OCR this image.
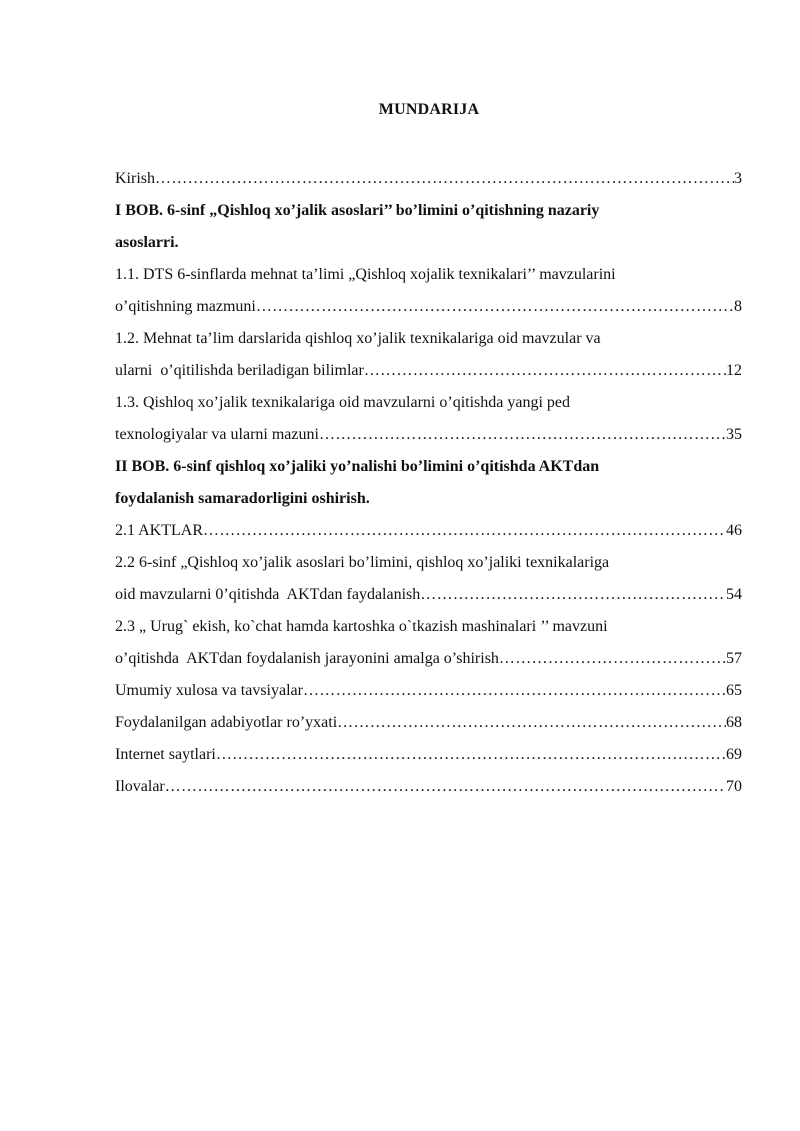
MUNDARIJA
Kirish ……………………………………………………………………………………………………………………………………………………………	3
I BOB. 6-sinf „Qishloq xo’jalik asoslari’’ bo’limini o’qitishning nazariy
asoslarri.
1.1. DTS 6-sinflarda mehnat ta’limi „Qishloq xojalik texnikalari’’ mavzularini
o’qitishning mazmuni ……………………………………………………………………………………………………………………………………………………………	8
1.2. Mehnat ta’lim darslarida qishloq xo’jalik texnikalariga oid mavzular va
ularni  o’qitilishda beriladigan bilimlar ……………………………………………………………………………………………………………………………………………………………	12
1.3. Qishloq xo’jalik texnikalariga oid mavzularni o’qitishda yangi ped
texnologiyalar va ularni mazuni ……………………………………………………………………………………………………………………………………………………………	35
II BOB. 6-sinf qishloq xo’jaliki yo’nalishi bo’limini o’qitishda AKTdan
foydalanish samaradorligini oshirish.
2.1 AKTLAR ……………………………………………………………………………………………………………………………………………………………	46
2.2 6-sinf „Qishloq xo’jalik asoslari bo’limini, qishloq xo’jaliki texnikalariga
oid mavzularni 0’qitishda  AKTdan faydalanish ……………………………………………………………………………………………………………………………………………………………	54
2.3 „ Urug` ekish, ko`chat hamda kartoshka o`tkazish mashinalari ’’ mavzuni
o’qitishda  AKTdan foydalanish jarayonini amalga o’shirish ……………………………………………………………………………………………………………………………………………………………	57
Umumiy xulosa va tavsiyalar ……………………………………………………………………………………………………………………………………………………………	65
Foydalanilgan adabiyotlar ro’yxati ……………………………………………………………………………………………………………………………………………………………	68
Internet saytlari ……………………………………………………………………………………………………………………………………………………………	69
Ilovalar ……………………………………………………………………………………………………………………………………………………………	70
